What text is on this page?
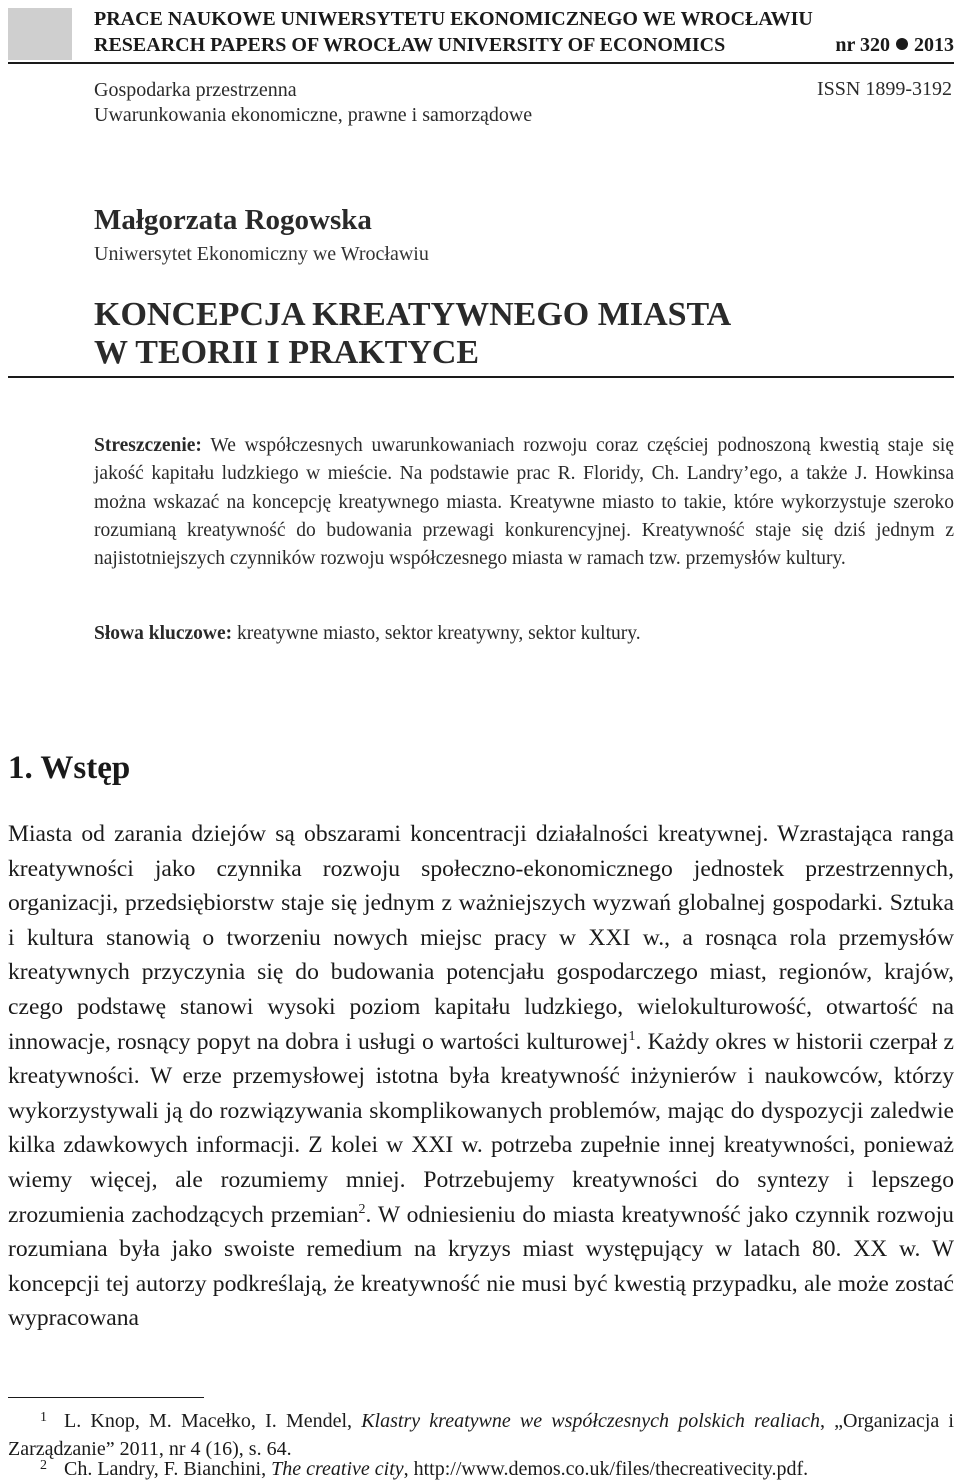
PRACE NAUKOWE UNIWERSYTETU EKONOMICZNEGO WE WROCŁAWIU
RESEARCH PAPERS OF WROCŁAW UNIVERSITY OF ECONOMICS	nr 320 2013
Gospodarka przestrzenna
Uwarunkowania ekonomiczne, prawne i samorządowe
ISSN 1899-3192
Małgorzata Rogowska
Uniwersytet Ekonomiczny we Wrocławiu
KONCEPCJA KREATYWNEGO MIASTA
W TEORII I PRAKTYCE
Streszczenie: We współczesnych uwarunkowaniach rozwoju coraz częściej podnoszoną kwestią staje się jakość kapitału ludzkiego w mieście. Na podstawie prac R. Floridy, Ch. Landry’ego, a także J. Howkinsa można wskazać na koncepcję kreatywnego miasta. Kreatywne miasto to takie, które wykorzystuje szeroko rozumianą kreatywność do budowania przewagi konkurencyjnej. Kreatywność staje się dziś jednym z najistotniejszych czynników rozwoju współczesnego miasta w ramach tzw. przemysłów kultury.
Słowa kluczowe: kreatywne miasto, sektor kreatywny, sektor kultury.
1. Wstęp
Miasta od zarania dziejów są obszarami koncentracji działalności kreatywnej. Wzrastająca ranga kreatywności jako czynnika rozwoju społeczno-ekonomicznego jednostek przestrzennych, organizacji, przedsiębiorstw staje się jednym z ważniejszych wyzwań globalnej gospodarki. Sztuka i kultura stanowią o tworzeniu nowych miejsc pracy w XXI w., a rosnąca rola przemysłów kreatywnych przyczynia się do budowania potencjału gospodarczego miast, regionów, krajów, czego podstawę stanowi wysoki poziom kapitału ludzkiego, wielokulturowość, otwartość na innowacje, rosnący popyt na dobra i usługi o wartości kulturowej$^1$. Każdy okres w historii czerpał z kreatywności. W erze przemysłowej istotna była kreatywność inżynierów i naukowców, którzy wykorzystywali ją do rozwiązywania skomplikowanych problemów, mając do dyspozycji zaledwie kilka zdawkowych informacji. Z kolei w XXI w. potrzeba zupełnie innej kreatywności, ponieważ wiemy więcej, ale rozumiemy mniej. Potrzebujemy kreatywności do syntezy i lepszego zrozumienia zachodzących przemian$^2$. W odniesieniu do miasta kreatywność jako czynnik rozwoju rozumiana była jako swoiste remedium na kryzys miast występujący w latach 80. XX w. W koncepcji tej autorzy podkreślają, że kreatywność nie musi być kwestią przypadku, ale może zostać wypracowana
1 L. Knop, M. Macełko, I. Mendel, Klastry kreatywne we współczesnych polskich realiach, „Organizacja i Zarządzanie” 2011, nr 4 (16), s. 64.
2 Ch. Landry, F. Bianchini, The creative city, http://www.demos.co.uk/files/thecreativecity.pdf.
